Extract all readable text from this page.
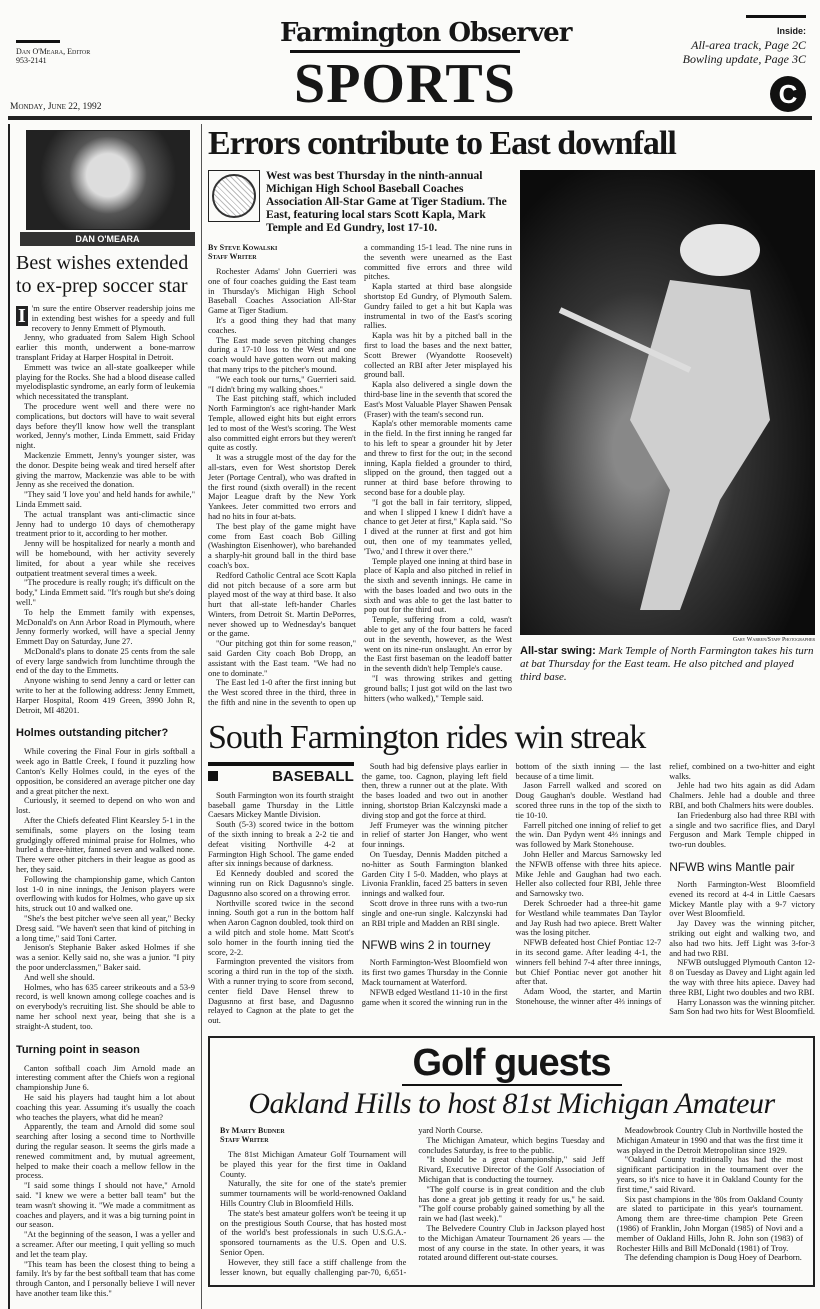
Dan O'Meara, Editor
953-2141
Farmington Observer
SPORTS
Inside:
All-area track, Page 2C
Bowling update, Page 3C
C
Monday, June 22, 1992
DAN O'MEARA
Best wishes extended to ex-prep soccer star
I 'm sure the entire Observer readership joins me in extending best wishes for a speedy and full recovery to Jenny Emmett of Plymouth.

Jenny, who graduated from Salem High School earlier this month, underwent a bone-marrow transplant Friday at Harper Hospital in Detroit.

Emmett was twice an all-state goalkeeper while playing for the Rocks. She had a blood disease called myelodisplastic syndrome, an early form of leukemia which necessitated the transplant.

The procedure went well and there were no complications, but doctors will have to wait several days before they'll know how well the transplant worked, Jenny's mother, Linda Emmett, said Friday night.

Mackenzie Emmett, Jenny's younger sister, was the donor. Despite being weak and tired herself after giving the marrow, Mackenzie was able to be with Jenny as she received the donation.

"They said 'I love you' and held hands for awhile," Linda Emmett said.

The actual transplant was anti-climactic since Jenny had to undergo 10 days of chemotherapy treatment prior to it, according to her mother.

Jenny will be hospitalized for nearly a month and will be homebound, with her activity severely limited, for about a year while she receives outpatient treatment several times a week.

"The procedure is really rough; it's difficult on the body," Linda Emmett said. "It's rough but she's doing well."

To help the Emmett family with expenses, McDonald's on Ann Arbor Road in Plymouth, where Jenny formerly worked, will have a special Jenny Emmett Day on Saturday, June 27.

McDonald's plans to donate 25 cents from the sale of every large sandwich from lunchtime through the end of the day to the Emmetts.

Anyone wishing to send Jenny a card or letter can write to her at the following address: Jenny Emmett, Harper Hospital, Room 419 Green, 3990 John R, Detroit, MI 48201.

Holmes outstanding pitcher?

While covering the Final Four in girls softball a week ago in Battle Creek, I found it puzzling how Canton's Kelly Holmes could, in the eyes of the opposition, be considered an average pitcher one day and a great pitcher the next.

Curiously, it seemed to depend on who won and lost.

After the Chiefs defeated Flint Kearsley 5-1 in the semifinals, some players on the losing team grudgingly offered minimal praise for Holmes, who hurled a three-hitter, fanned seven and walked none. There were other pitchers in their league as good as her, they said.

Following the championship game, which Canton lost 1-0 in nine innings, the Jenison players were overflowing with kudos for Holmes, who gave up six hits, struck out 10 and walked one.

"She's the best pitcher we've seen all year," Becky Dresg said. "We haven't seen that kind of pitching in a long time," said Toni Carter.

Jenison's Stephanie Baker asked Holmes if she was a senior. Kelly said no, she was a junior. "I pity the poor underclassmen," Baker said.

And well she should.

Holmes, who has 635 career strikeouts and a 53-9 record, is well known among college coaches and is on everybody's recruiting list. She should be able to name her school next year, being that she is a straight-A student, too.

Turning point in season

Canton softball coach Jim Arnold made an interesting comment after the Chiefs won a regional championship June 6.

He said his players had taught him a lot about coaching this year. Assuming it's usually the coach who teaches the players, what did he mean?

Apparently, the team and Arnold did some soul searching after losing a second time to Northville during the regular season. It seems the girls made a renewed commitment and, by mutual agreement, helped to make their coach a mellow fellow in the process.

"I said some things I should not have," Arnold said. "I knew we were a better ball team" but the team wasn't showing it. "We made a commitment as coaches and players, and it was a big turning point in our season.

"At the beginning of the season, I was a yeller and a screamer. After our meeting, I quit yelling so much and let the team play.

"This team has been the closest thing to being a family. It's by far the best softball team that has come through Canton, and I personally believe I will never have another team like this."

Errors contribute to East downfall
West was best Thursday in the ninth-annual Michigan High School Baseball Coaches Association All-Star Game at Tiger Stadium. The East, featuring local stars Scott Kapla, Mark Temple and Ed Gundry, lost 17-10.
By Steve Kowalski
Staff Writer

Rochester Adams' John Guerrieri was one of four coaches guiding the East team in Thursday's Michigan High School Baseball Coaches Association All-Star Game at Tiger Stadium.

It's a good thing they had that many coaches.

The East made seven pitching changes during a 17-10 loss to the West and one coach would have gotten worn out making that many trips to the pitcher's mound.

"We each took our turns," Guerrieri said. "I didn't bring my walking shoes."

The East pitching staff, which included North Farmington's ace right-hander Mark Temple, allowed eight hits but eight errors led to most of the West's scoring. The West also committed eight errors but they weren't quite as costly.

It was a struggle most of the day for the all-stars, even for West shortstop Derek Jeter (Portage Central), who was drafted in the first round (sixth overall) in the recent Major League draft by the New York Yankees. Jeter committed two errors and had no hits in four at-bats.

The best play of the game might have come from East coach Bob Gilling (Washington Eisenhower), who barehanded a sharply-hit ground ball in the third base coach's box.

Redford Catholic Central ace Scott Kapla did not pitch because of a sore arm but played most of the way at third base. It also hurt that all-state left-hander Charles Winters, from Detroit St. Martin DePorres, never showed up to Wednesday's banquet or the game.

"Our pitching got thin for some reason," said Garden City coach Bob Dropp, an assistant with the East team. "We had no one to dominate."

The East led 1-0 after the first inning but the West scored three in the third, three in the fifth and nine in the seventh to open up a commanding 15-1 lead. The nine runs in the seventh were unearned as the East committed five errors and three wild pitches.

Kapla started at third base alongside shortstop Ed Gundry, of Plymouth Salem. Gundry failed to get a hit but Kapla was instrumental in two of the East's scoring rallies.

Kapla was hit by a pitched ball in the first to load the bases and the next batter, Scott Brewer (Wyandotte Roosevelt) collected an RBI after Jeter misplayed his ground ball.

Kapla also delivered a single down the third-base line in the seventh that scored the East's Most Valuable Player Shawen Pensak (Fraser) with the team's second run.

Kapla's other memorable moments came in the field. In the first inning he ranged far to his left to spear a grounder hit by Jeter and threw to first for the out; in the second inning, Kapla fielded a grounder to third, slipped on the ground, then tagged out a runner at third base before throwing to second base for a double play.

"I got the ball in fair territory, slipped, and when I slipped I knew I didn't have a chance to get Jeter at first," Kapla said. "So I dived at the runner at first and got him out, then one of my teammates yelled, 'Two,' and I threw it over there."

Temple played one inning at third base in place of Kapla and also pitched in relief in the sixth and seventh innings. He came in with the bases loaded and two outs in the sixth and was able to get the last batter to pop out for the third out.

Temple, suffering from a cold, wasn't able to get any of the four batters he faced out in the seventh, however, as the West went on its nine-run onslaught. An error by the East first baseman on the leadoff batter in the seventh didn't help Temple's cause.

"I was throwing strikes and getting ground balls; I just got wild on the last two hitters (who walked)," Temple said.

Gary Warren/Staff Photographer
All-star swing: Mark Temple of North Farmington takes his turn at bat Thursday for the East team. He also pitched and played third base.
South Farmington rides win streak
BASEBALL

South Farmington won its fourth straight baseball game Thursday in the Little Caesars Mickey Mantle Division.

South (5-3) scored twice in the bottom of the sixth inning to break a 2-2 tie and defeat visiting Northville 4-2 at Farmington High School. The game ended after six innings because of darkness.

Ed Kennedy doubled and scored the winning run on Rick Dagusnno's single. Dagusnno also scored on a throwing error.

Northville scored twice in the second inning. South got a run in the bottom half when Aaron Cagnon doubled, took third on a wild pitch and stole home. Matt Scott's solo homer in the fourth inning tied the score, 2-2.

Farmington prevented the visitors from scoring a third run in the top of the sixth. With a runner trying to score from second, center field Dave Hensel threw to Dagusnno at first base, and Dagusnno relayed to Cagnon at the plate to get the out.

South had big defensive plays earlier in the game, too. Cagnon, playing left field then, threw a runner out at the plate. With the bases loaded and two out in another inning, shortstop Brian Kalczynski made a diving stop and got the force at third.

Jeff Frumeyer was the winning pitcher in relief of starter Jon Hanger, who went four innings.

On Tuesday, Dennis Madden pitched a no-hitter as South Farmington blanked Garden City I 5-0. Madden, who plays at Livonia Franklin, faced 25 batters in seven innings and walked four.

Scott drove in three runs with a two-run single and one-run single. Kalczynski had an RBI triple and Madden an RBI single.

NFWB wins 2 in tourney

North Farmington-West Bloomfield won its first two games Thursday in the Connie Mack tournament at Waterford.

NFWB edged Westland 11-10 in the first game when it scored the winning run in the bottom of the sixth inning — the last because of a time limit.

Jason Farrell walked and scored on Doug Gaughan's double. Westland had scored three runs in the top of the sixth to tie 10-10.

Farrell pitched one inning of relief to get the win. Dan Pydyn went 4⅔ innings and was followed by Mark Stonehouse.

John Heller and Marcus Sarnowsky led the NFWB offense with three hits apiece. Mike Jehle and Gaughan had two each. Heller also collected four RBI, Jehle three and Sarnowsky two.

Derek Schroeder had a three-hit game for Westland while teammates Dan Taylor and Jay Rush had two apiece. Brett Walter was the losing pitcher.

NFWB defeated host Chief Pontiac 12-7 in its second game. After leading 4-1, the winners fell behind 7-4 after three innings, but Chief Pontiac never got another hit after that.

Adam Wood, the starter, and Martin Stonehouse, the winner after 4⅔ innings of relief, combined on a two-hitter and eight walks.

Jehle had two hits again as did Adam Chalmers. Jehle had a double and three RBI, and both Chalmers hits were doubles.

Ian Friedenburg also had three RBI with a single and two sacrifice flies, and Daryl Ferguson and Mark Temple chipped in two-run doubles.

NFWB wins Mantle pair

North Farmington-West Bloomfield evened its record at 4-4 in Little Caesars Mickey Mantle play with a 9-7 victory over West Bloomfield.

Jay Davey was the winning pitcher, striking out eight and walking two, and also had two hits. Jeff Light was 3-for-3 and had two RBI.

NFWB outslugged Plymouth Canton 12-8 on Tuesday as Davey and Light again led the way with three hits apiece. Davey had three RBI, Light two doubles and two RBI.

Harry Lonasson was the winning pitcher. Sam Son had two hits for West Bloomfield.

Golf guests
Oakland Hills to host 81st Michigan Amateur
By Marty Budner
Staff Writer

The 81st Michigan Amateur Golf Tournament will be played this year for the first time in Oakland County.

Naturally, the site for one of the state's premier summer tournaments will be world-renowned Oakland Hills Country Club in Bloomfield Hills.

The state's best amateur golfers won't be teeing it up on the prestigious South Course, that has hosted most of the world's best professionals in such U.S.G.A.-sponsored tournaments as the U.S. Open and U.S. Senior Open.

However, they still face a stiff challenge from the lesser known, but equally challenging par-70, 6,651-yard North Course.

The Michigan Amateur, which begins Tuesday and concludes Saturday, is free to the public.

"It should be a great championship," said Jeff Rivard, Executive Director of the Golf Association of Michigan that is conducting the tourney.

"The golf course is in great condition and the club has done a great job getting it ready for us," he said. "The golf course probably gained something by all the rain we had (last week)."

The Belvedere Country Club in Jackson played host to the Michigan Amateur Tournament 26 years — the most of any course in the state. In other years, it was rotated around different out-state courses.

Meadowbrook Country Club in Northville hosted the Michigan Amateur in 1990 and that was the first time it was played in the Detroit Metropolitan since 1929.

"Oakland County traditionally has had the most significant participation in the tournament over the years, so it's nice to have it in Oakland County for the first time," said Rivard.

Six past champions in the '80s from Oakland County are slated to participate in this year's tournament. Among them are three-time champion Pete Green (1986) of Franklin, John Morgan (1985) of Novi and a member of Oakland Hills, John R. John son (1983) of Rochester Hills and Bill McDonald (1981) of Troy.

The defending champion is Doug Hoey of Dearborn.
